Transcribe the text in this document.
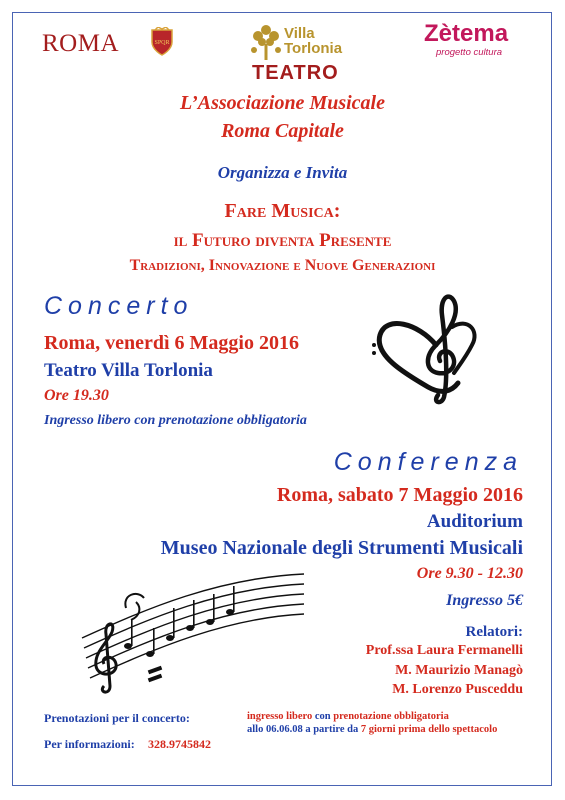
ROMA	SPQR
Villa Torlonia
TEATRO
Zètema
progetto cultura
L’Associazione Musicale
Roma Capitale
Organizza e Invita
Fare Musica:
il Futuro diventa Presente
Tradizioni, Innovazione e Nuove Generazioni
Concerto
Roma, venerdì 6 Maggio 2016
Teatro Villa Torlonia
Ore 19.30
Ingresso libero con prenotazione obbligatoria
Conferenza
Roma, sabato 7 Maggio 2016
Auditorium
Museo Nazionale degli Strumenti Musicali
Ore 9.30 - 12.30
Ingresso 5€
Relatori:
Prof.ssa Laura Fermanelli
M. Maurizio Managò
M. Lorenzo Pusceddu
Prenotazioni per il concerto:	ingresso libero con prenotazione obbligatoria
allo 06.06.08 a partire da 7 giorni prima dello spettacolo
Per informazioni: 328.9745842
